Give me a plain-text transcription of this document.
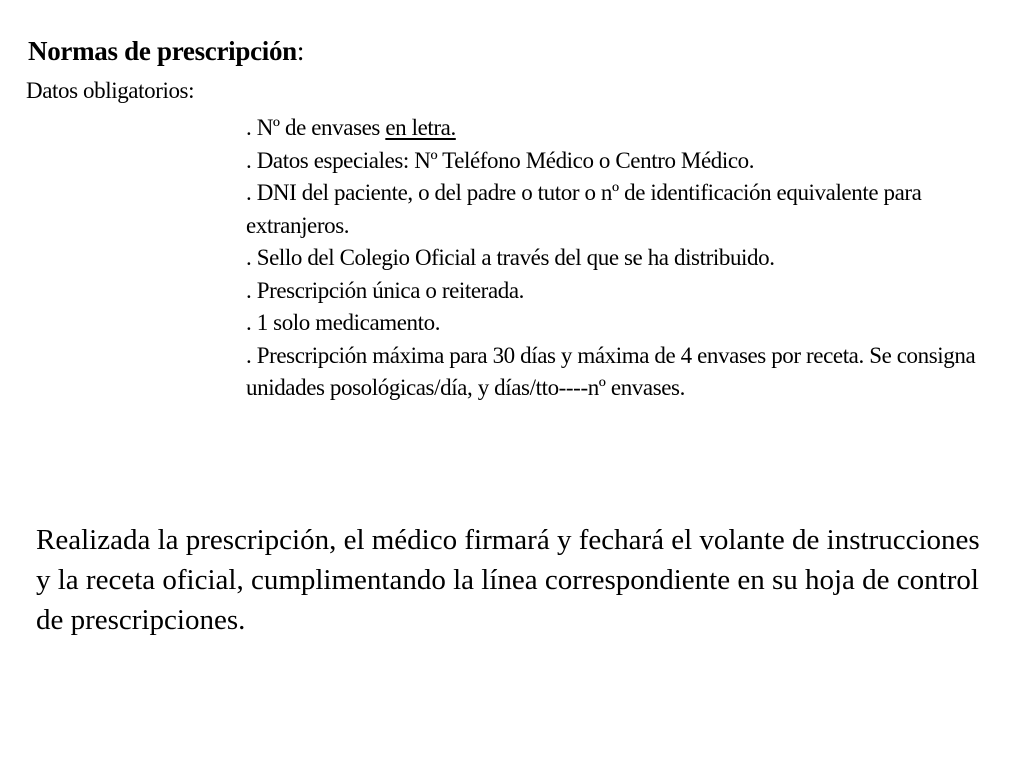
Normas de prescripción:
Datos obligatorios:
. Nº de envases en letra.
. Datos especiales: Nº Teléfono Médico o Centro Médico.
. DNI del paciente, o del padre o tutor o nº de identificación equivalente para extranjeros.
. Sello del Colegio Oficial a través del que se ha distribuido.
. Prescripción única o reiterada.
. 1 solo medicamento.
. Prescripción máxima para 30 días y máxima de 4 envases por receta. Se consigna unidades posológicas/día, y días/tto----nº envases.

Realizada la prescripción, el médico firmará y fechará el volante de instrucciones y la receta oficial, cumplimentando la línea correspondiente en su hoja de control de prescripciones.
